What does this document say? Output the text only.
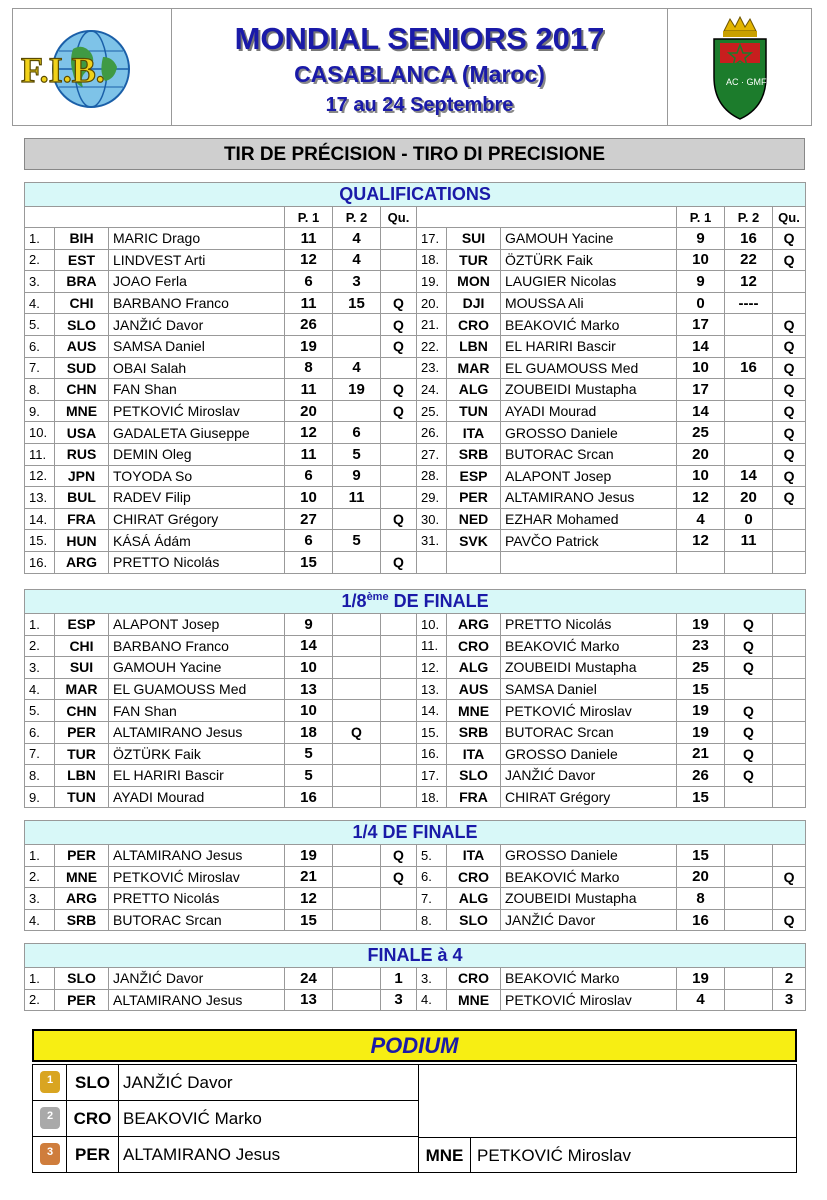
F.I.B.
MONDIAL SENIORS 2017
CASABLANCA (Maroc)
17 au 24 Septembre
AC · GMF
TIR DE PRÉCISION - TIRO DI PRECISIONE
QUALIFICATIONS											
			P. 1	P. 2	Qu.				P. 1	P. 2	Qu.
1.	BIH	MARIC Drago	11	4		17.	SUI	GAMOUH Yacine	9	16	Q
2.	EST	LINDVEST Arti	12	4		18.	TUR	ÖZTÜRK Faik	10	22	Q
3.	BRA	JOAO Ferla	6	3		19.	MON	LAUGIER Nicolas	9	12	
4.	CHI	BARBANO Franco	11	15	Q	20.	DJI	MOUSSA Ali	0	----	
5.	SLO	JANŽIĆ Davor	26		Q	21.	CRO	BEAKOVIĆ Marko	17		Q
6.	AUS	SAMSA Daniel	19		Q	22.	LBN	EL HARIRI Bascir	14		Q
7.	SUD	OBAI Salah	8	4		23.	MAR	EL GUAMOUSS Med	10	16	Q
8.	CHN	FAN Shan	11	19	Q	24.	ALG	ZOUBEIDI Mustapha	17		Q
9.	MNE	PETKOVIĆ Miroslav	20		Q	25.	TUN	AYADI Mourad	14		Q
10.	USA	GADALETA Giuseppe	12	6		26.	ITA	GROSSO Daniele	25		Q
11.	RUS	DEMIN Oleg	11	5		27.	SRB	BUTORAC Srcan	20		Q
12.	JPN	TOYODA So	6	9		28.	ESP	ALAPONT Josep	10	14	Q
13.	BUL	RADEV Filip	10	11		29.	PER	ALTAMIRANO Jesus	12	20	Q
14.	FRA	CHIRAT Grégory	27		Q	30.	NED	EZHAR Mohamed	4	0	
15.	HUN	KÁSÁ Ádám	6	5		31.	SVK	PAVČO Patrick	12	11	
16.	ARG	PRETTO Nicolás	15		Q						
1/8ème DE FINALE											
1.	ESP	ALAPONT Josep	9			10.	ARG	PRETTO Nicolás	19	Q	
2.	CHI	BARBANO Franco	14			11.	CRO	BEAKOVIĆ Marko	23	Q	
3.	SUI	GAMOUH Yacine	10			12.	ALG	ZOUBEIDI Mustapha	25	Q	
4.	MAR	EL GUAMOUSS Med	13			13.	AUS	SAMSA Daniel	15		
5.	CHN	FAN Shan	10			14.	MNE	PETKOVIĆ Miroslav	19	Q	
6.	PER	ALTAMIRANO Jesus	18	Q		15.	SRB	BUTORAC Srcan	19	Q	
7.	TUR	ÖZTÜRK Faik	5			16.	ITA	GROSSO Daniele	21	Q	
8.	LBN	EL HARIRI Bascir	5			17.	SLO	JANŽIĆ Davor	26	Q	
9.	TUN	AYADI Mourad	16			18.	FRA	CHIRAT Grégory	15		
1/4 DE FINALE											
1.	PER	ALTAMIRANO Jesus	19		Q	5.	ITA	GROSSO Daniele	15		
2.	MNE	PETKOVIĆ Miroslav	21		Q	6.	CRO	BEAKOVIĆ Marko	20		Q
3.	ARG	PRETTO Nicolás	12			7.	ALG	ZOUBEIDI Mustapha	8		
4.	SRB	BUTORAC Srcan	15			8.	SLO	JANŽIĆ Davor	16		Q
FINALE à 4											
1.	SLO	JANŽIĆ Davor	24		1	3.	CRO	BEAKOVIĆ Marko	19		2
2.	PER	ALTAMIRANO Jesus	13		3	4.	MNE	PETKOVIĆ Miroslav	4		3
PODIUM
1	SLO JANŽIĆ Davor
2	CRO BEAKOVIĆ Marko
3	PER ALTAMIRANO Jesus	MNE PETKOVIĆ Miroslav
